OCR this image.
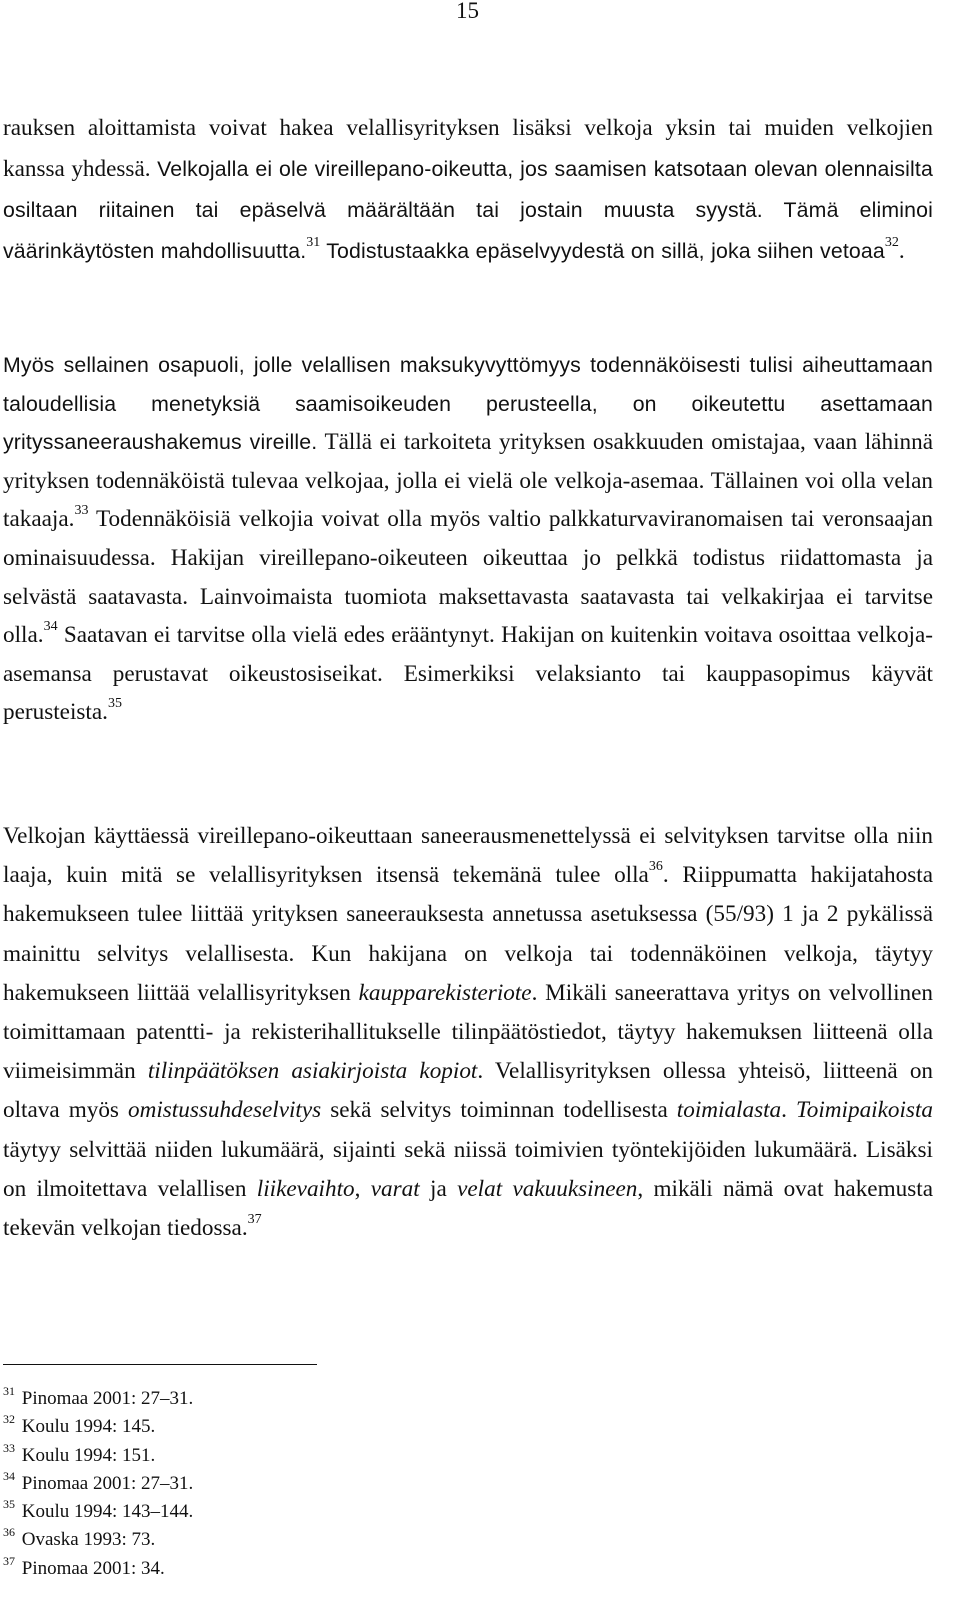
15

rauksen aloittamista voivat hakea velallisyrityksen lisäksi velkoja yksin tai muiden velkojien kanssa yhdessä. Velkojalla ei ole vireillepano-oikeutta, jos saamisen katsotaan olevan olennaisilta osiltaan riitainen tai epäselvä määrältään tai jostain muusta syystä. Tämä eliminoi väärinkäytösten mahdollisuutta.$^{31}$ Todistustaakka epäselvyydestä on sillä, joka siihen vetoaa$^{32}$.

Myös sellainen osapuoli, jolle velallisen maksukyvyttömyys todennäköisesti tulisi aiheuttamaan taloudellisia menetyksiä saamisoikeuden perusteella, on oikeutettu asettamaan yrityssaneeraushakemus vireille. Tällä ei tarkoiteta yrityksen osakkuuden omistajaa, vaan lähinnä yrityksen todennäköistä tulevaa velkojaa, jolla ei vielä ole velkoja-asemaa. Tällainen voi olla velan takaaja.$^{33}$ Todennäköisiä velkojia voivat olla myös valtio palkkaturvaviranomaisen tai veronsaajan ominaisuudessa. Hakijan vireillepano-oikeuteen oikeuttaa jo pelkkä todistus riidattomasta ja selvästä saatavasta. Lainvoimaista tuomiota maksettavasta saatavasta tai velkakirjaa ei tarvitse olla.$^{34}$ Saatavan ei tarvitse olla vielä edes erääntynyt. Hakijan on kuitenkin voitava osoittaa velkoja-asemansa perustavat oikeustosiseikat. Esimerkiksi velaksianto tai kauppasopimus käyvät perusteista.$^{35}$

Velkojan käyttäessä vireillepano-oikeuttaan saneerausmenettelyssä ei selvityksen tarvitse olla niin laaja, kuin mitä se velallisyrityksen itsensä tekemänä tulee olla$^{36}$. Riippumatta hakijatahosta hakemukseen tulee liittää yrityksen saneerauksesta annetussa asetuksessa (55/93) 1 ja 2 pykälissä mainittu selvitys velallisesta. Kun hakijana on velkoja tai todennäköinen velkoja, täytyy hakemukseen liittää velallisyrityksen kaupparekisteriote. Mikäli saneerattava yritys on velvollinen toimittamaan patentti- ja rekisterihallitukselle tilinpäätöstiedot, täytyy hakemuksen liitteenä olla viimeisimmän tilinpäätöksen asiakirjoista kopiot. Velallisyrityksen ollessa yhteisö, liitteenä on oltava myös omistussuhdeselvitys sekä selvitys toiminnan todellisesta toimialasta. Toimipaikoista täytyy selvittää niiden lukumäärä, sijainti sekä niissä toimivien työntekijöiden lukumäärä. Lisäksi on ilmoitettava velallisen liikevaihto, varat ja velat vakuuksineen, mikäli nämä ovat hakemusta tekevän velkojan tiedossa.$^{37}$

$^{31}$ Pinomaa 2001: 27–31.
$^{32}$ Koulu 1994: 145.
$^{33}$ Koulu 1994: 151.
$^{34}$ Pinomaa 2001: 27–31.
$^{35}$ Koulu 1994: 143–144.
$^{36}$ Ovaska 1993: 73.
$^{37}$ Pinomaa 2001: 34.
